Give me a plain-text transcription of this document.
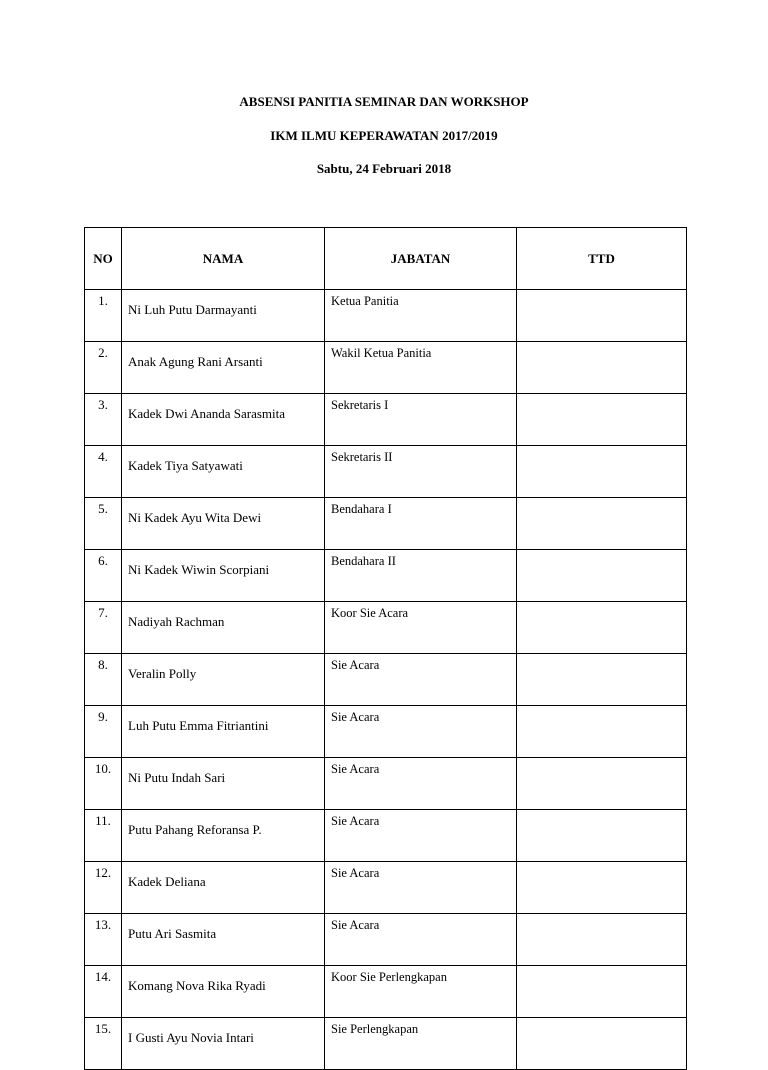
ABSENSI PANITIA SEMINAR DAN WORKSHOP
IKM ILMU KEPERAWATAN 2017/2019
Sabtu, 24 Februari 2018
NO	NAMA	JABATAN	TTD
1.	Ni Luh Putu Darmayanti	Ketua Panitia	
2.	Anak Agung Rani Arsanti	Wakil Ketua Panitia	
3.	Kadek Dwi Ananda Sarasmita	Sekretaris I	
4.	Kadek Tiya Satyawati	Sekretaris II	
5.	Ni Kadek Ayu Wita Dewi	Bendahara I	
6.	Ni Kadek Wiwin Scorpiani	Bendahara II	
7.	Nadiyah Rachman	Koor Sie Acara	
8.	Veralin Polly	Sie Acara	
9.	Luh Putu Emma Fitriantini	Sie Acara	
10.	Ni Putu Indah Sari	Sie Acara	
11.	Putu Pahang Reforansa P.	Sie Acara	
12.	Kadek Deliana	Sie Acara	
13.	Putu Ari Sasmita	Sie Acara	
14.	Komang Nova Rika Ryadi	Koor Sie Perlengkapan	
15.	I Gusti Ayu Novia Intari	Sie Perlengkapan	
